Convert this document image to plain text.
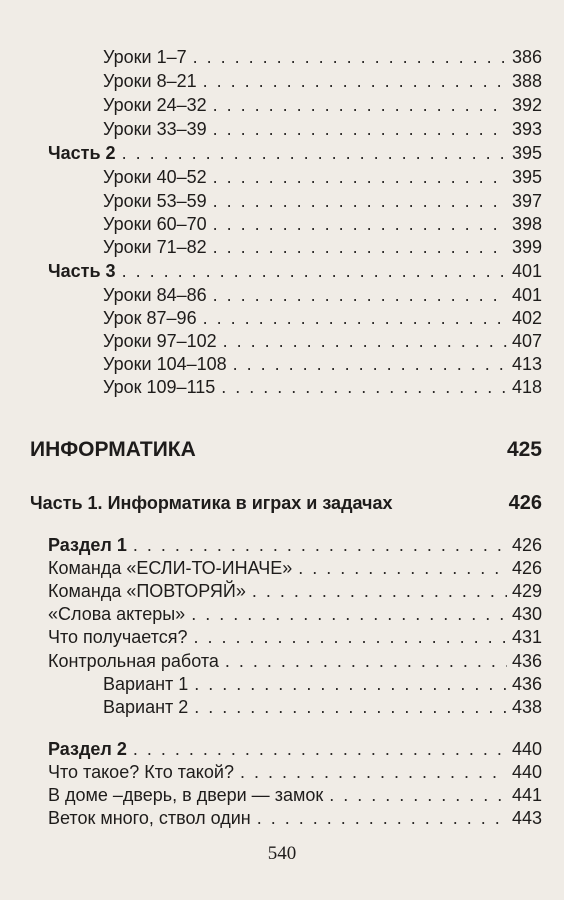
Уроки 1–7 . . .	386
Уроки 8–21 . . .	388
Уроки 24–32 . . .	392
Уроки 33–39 . . .	393
Часть 2 . . .	395
Уроки 40–52 . . .	395
Уроки 53–59 . . .	397
Уроки 60–70 . . .	398
Уроки 71–82 . . .	399
Часть 3 . . .	401
Уроки 84–86 . . .	401
Урок 87–96 . . .	402
Уроки 97–102 . . .	407
Уроки 104–108 . . .	413
Урок 109–115 . . .	418
ИНФОРМАТИКА	425
Часть 1. Информатика в играх и задачах	426
Раздел 1 . . .	426
Команда «ЕСЛИ-ТО-ИНАЧЕ» . . .	426
Команда «ПОВТОРЯЙ» . . .	429
«Слова актеры» . . .	430
Что получается? . . .	431
Контрольная работа . . .	436
Вариант 1 . . .	436
Вариант 2 . . .	438
Раздел 2 . . .	440
Что такое? Кто такой? . . .	440
В доме –дверь, в двери — замок . . .	441
Веток много, ствол один . . .	443
540
